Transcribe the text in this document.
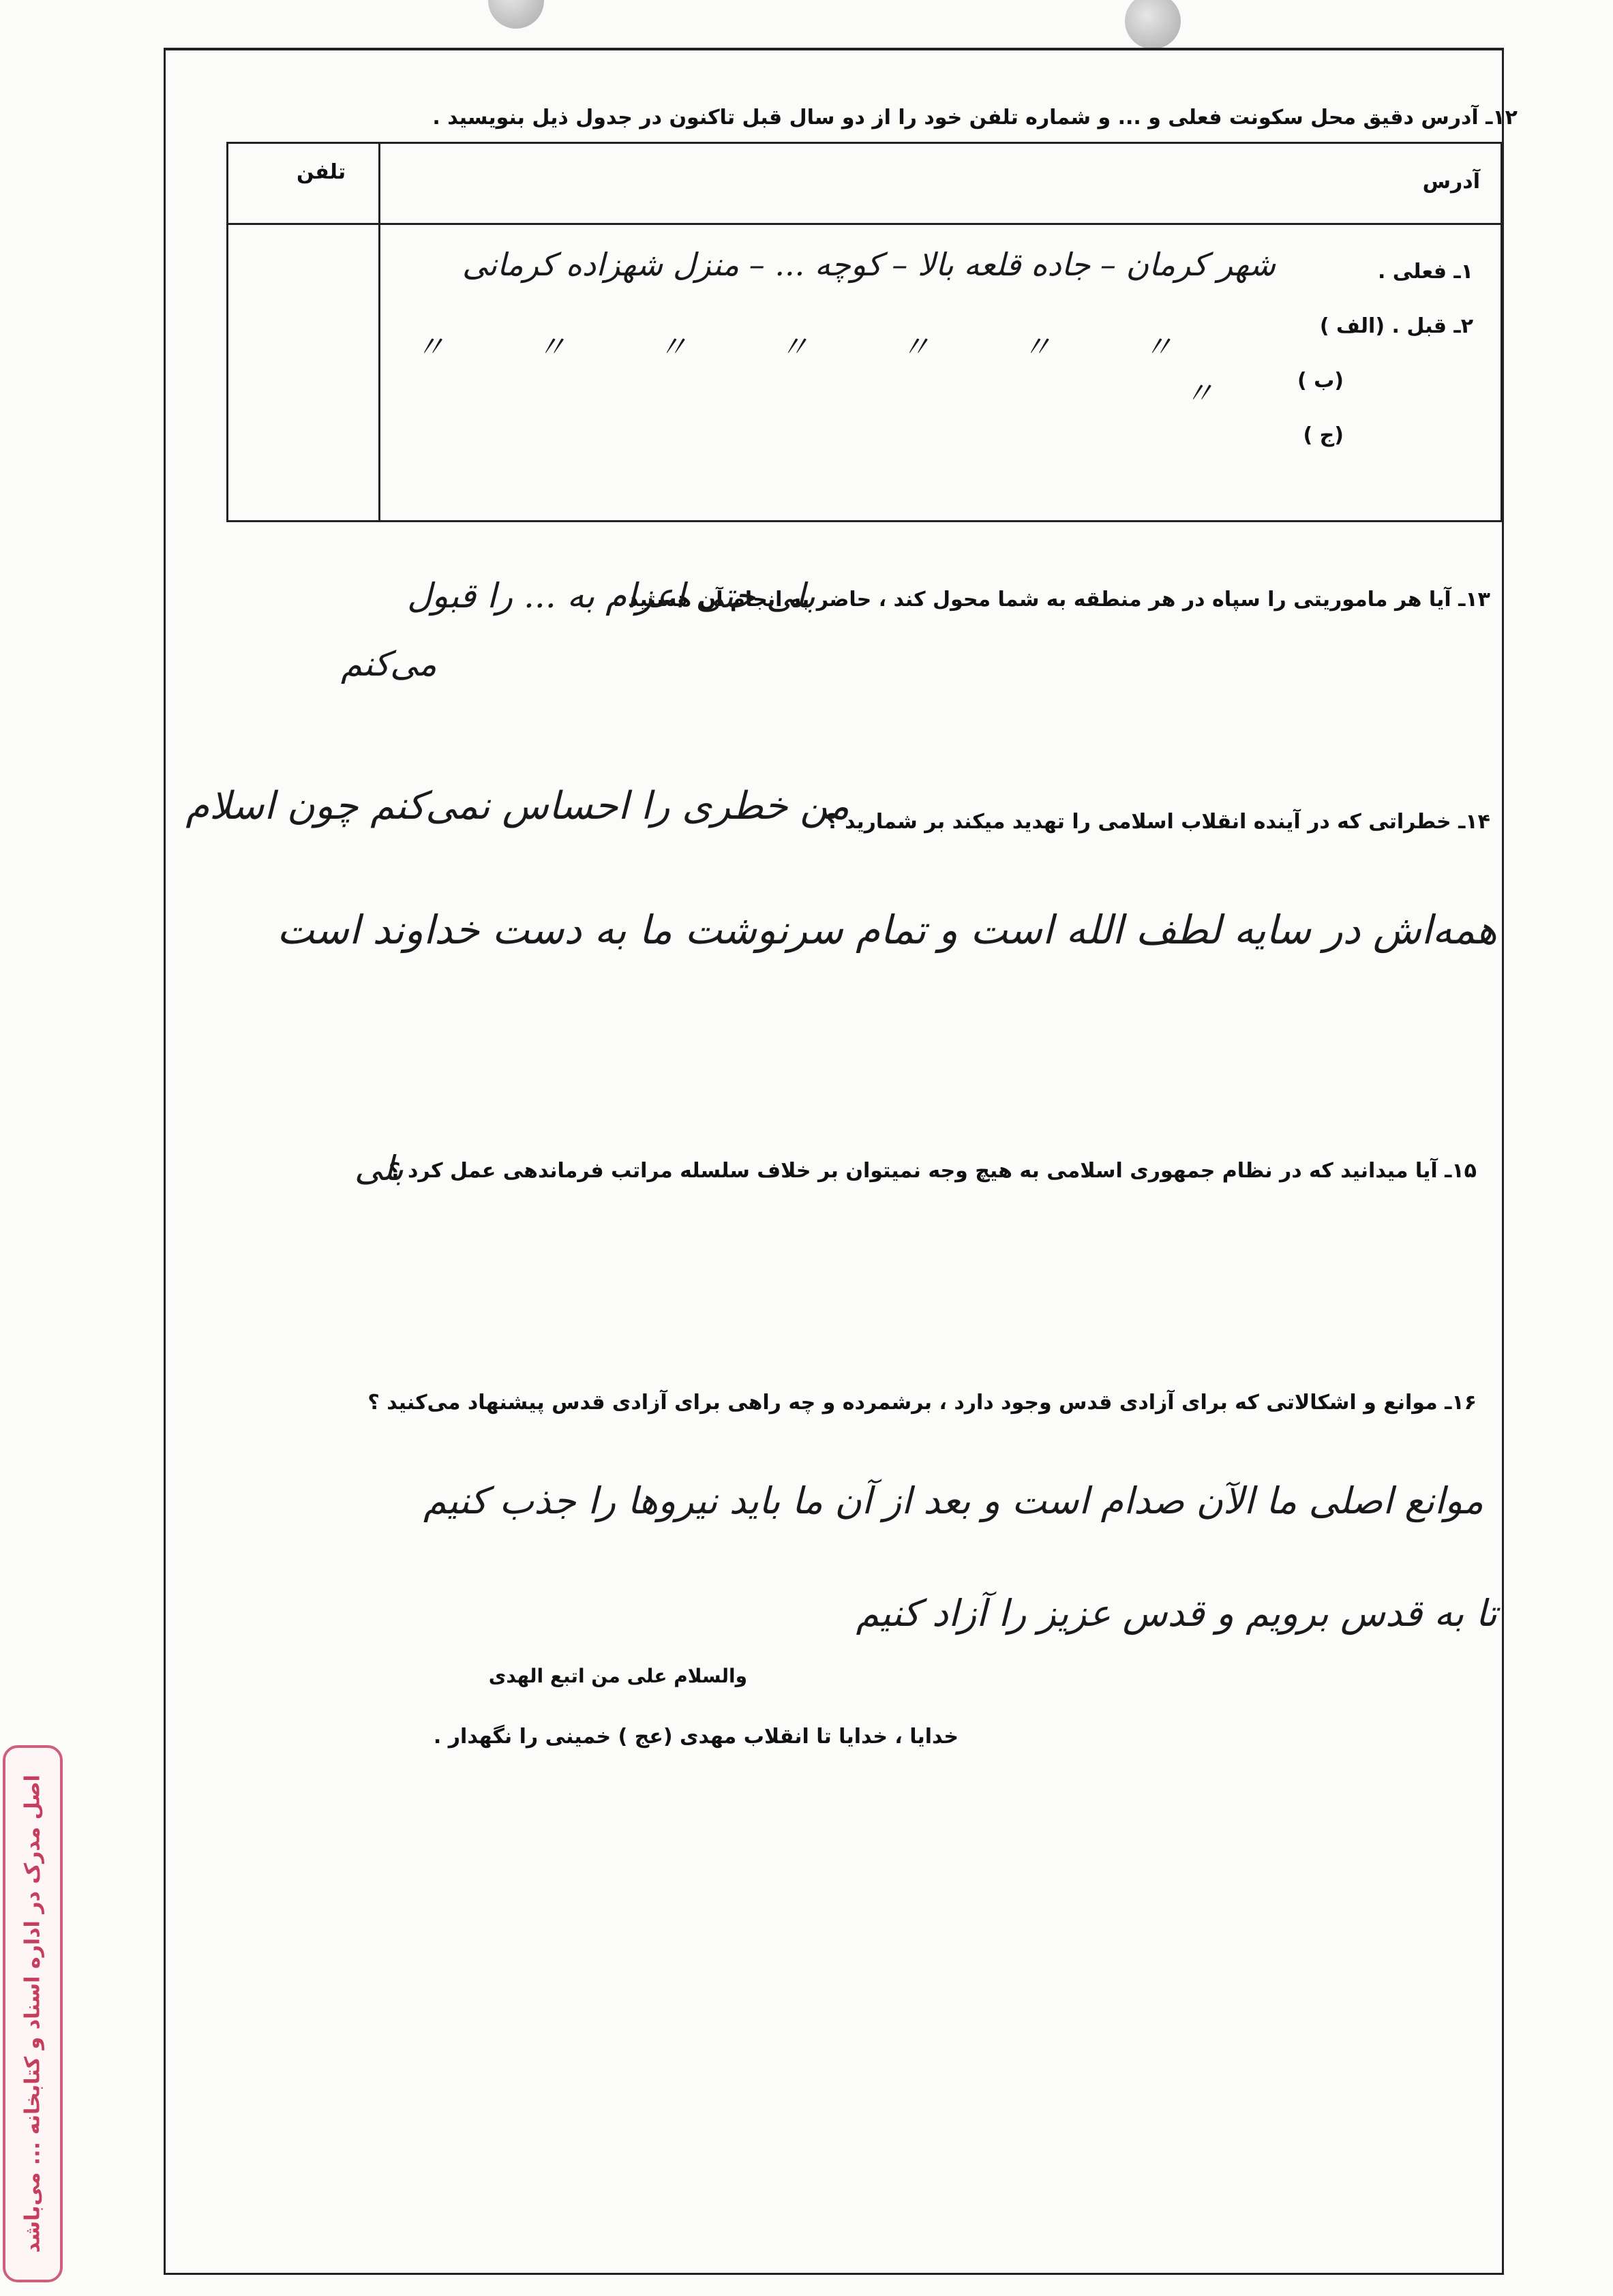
۱۲ـ آدرس دقیق محل سکونت فعلی و ... و شماره تلفن خود را از دو سال قبل تاکنون در جدول ذیل بنویسید .
آدرس
تلفن
۱ـ فعلی .
۲ـ قبل . (الف )
(ب )
(ج )
شهر کرمان – جاده قلعه بالا – کوچه ... – منزل شهزاده کرمانی
〃 〃 〃 〃 〃 〃 〃
〃
۱۳ـ آیا هر ماموریتی را سپاه در هر منطقه به شما محول کند ، حاضر به انجام آن هستید .
بلی حتی اعزام به ... را قبول
می‌کنم
۱۴ـ خطراتی که در آینده انقلاب اسلامی را تهدید میکند بر شمارید ؟
من خطری را احساس نمی‌کنم چون اسلام
همه‌اش در سایه لطف الله است و تمام سرنوشت ما به دست خداوند است
۱۵ـ آیا میدانید که در نظام جمهوری اسلامی به هیچ وجه نمیتوان بر خلاف سلسله مراتب فرماندهی عمل کرد ؟
بلی
۱۶ـ موانع و اشکالاتی که برای آزادی قدس وجود دارد ، برشمرده و چه راهی برای آزادی قدس پیشنهاد می‌کنید ؟
موانع اصلی ما الآن صدام است و بعد از آن ما باید نیروها را جذب کنیم
تا به قدس برویم و قدس عزیز را آزاد کنیم
والسلام علی من اتبع الهدی
خدایا ، خدایا تا انقلاب مهدی (عج ) خمینی را نگهدار .
اصل مدرک در اداره اسناد و کتابخانه ... می‌باشد
